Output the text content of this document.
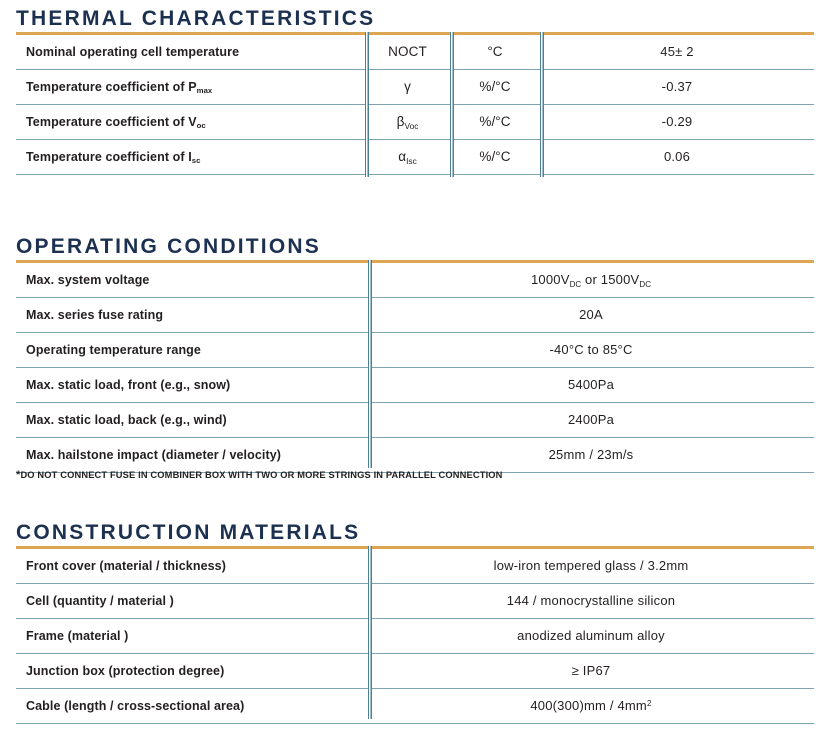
THERMAL CHARACTERISTICS
Nominal operating cell temperature	NOCT	°C	45± 2
Temperature coefficient of $P_{max}$	γ	%/°C	-0.37
Temperature coefficient of $V_{oc}$	$\beta_{Voc}$	%/°C	-0.29
Temperature coefficient of $I_{sc}$	$\alpha_{Isc}$	%/°C	0.06
OPERATING CONDITIONS
Max. system voltage	$1000V_{DC}$ or $1500V_{DC}$
Max. series fuse rating	20A
Operating temperature range	-40°C to 85°C
Max. static load, front (e.g., snow)	5400Pa
Max. static load, back (e.g., wind)	2400Pa
Max. hailstone impact (diameter / velocity)	25mm / 23m/s
*DO NOT CONNECT FUSE IN COMBINER BOX WITH TWO OR MORE STRINGS IN PARALLEL CONNECTION
CONSTRUCTION MATERIALS
Front cover (material / thickness)	low-iron tempered glass / 3.2mm
Cell (quantity / material )	144 / monocrystalline silicon
Frame (material )	anodized aluminum alloy
Junction box (protection degree)	≥ IP67
Cable (length / cross-sectional area)	$400(300)mm / 4mm^2$
